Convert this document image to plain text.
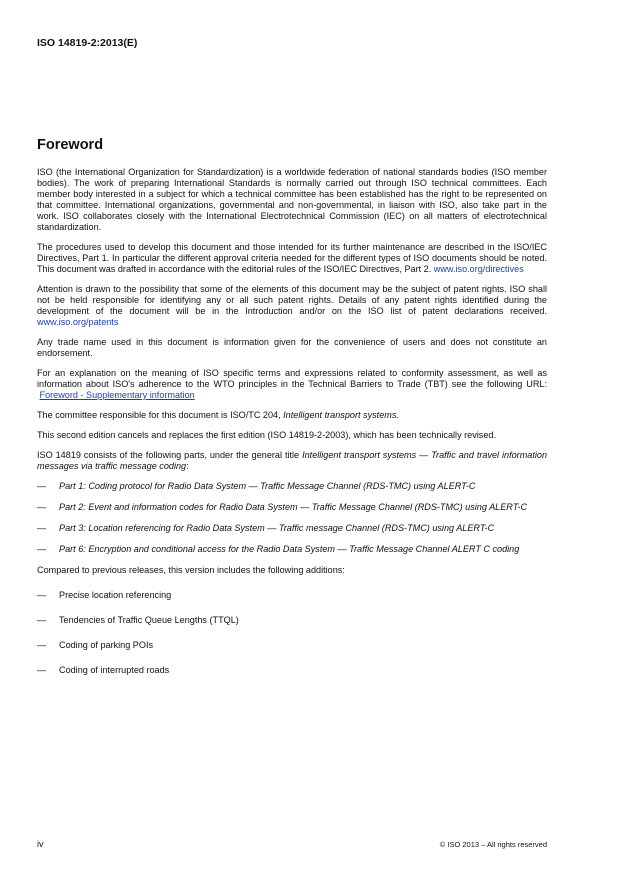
ISO 14819-2:2013(E)
Foreword

ISO (the International Organization for Standardization) is a worldwide federation of national standards bodies (ISO member bodies). The work of preparing International Standards is normally carried out through ISO technical committees. Each member body interested in a subject for which a technical committee has been established has the right to be represented on that committee. International organizations, governmental and non-governmental, in liaison with ISO, also take part in the work. ISO collaborates closely with the International Electrotechnical Commission (IEC) on all matters of electrotechnical standardization.

The procedures used to develop this document and those intended for its further maintenance are described in the ISO/IEC Directives, Part 1. In particular the different approval criteria needed for the different types of ISO documents should be noted. This document was drafted in accordance with the editorial rules of the ISO/IEC Directives, Part 2. www.iso.org/directives

Attention is drawn to the possibility that some of the elements of this document may be the subject of patent rights. ISO shall not be held responsible for identifying any or all such patent rights. Details of any patent rights identified during the development of the document will be in the Introduction and/or on the ISO list of patent declarations received. www.iso.org/patents

Any trade name used in this document is information given for the convenience of users and does not constitute an endorsement.

For an explanation on the meaning of ISO specific terms and expressions related to conformity assessment, as well as information about ISO's adherence to the WTO principles in the Technical Barriers to Trade (TBT) see the following URL:  Foreword - Supplementary information

The committee responsible for this document is ISO/TC 204, Intelligent transport systems.

This second edition cancels and replaces the first edition (ISO 14819-2-2003), which has been technically revised.

ISO 14819 consists of the following parts, under the general title Intelligent transport systems — Traffic and travel information messages via traffic message coding:

— Part 1: Coding protocol for Radio Data System — Traffic Message Channel (RDS-TMC) using ALERT-C
— Part 2: Event and information codes for Radio Data System — Traffic Message Channel (RDS-TMC) using ALERT-C
— Part 3: Location referencing for Radio Data System — Traffic message Channel (RDS-TMC) using ALERT-C
— Part 6: Encryption and conditional access for the Radio Data System — Traffic Message Channel ALERT C coding

Compared to previous releases, this version includes the following additions:

— Precise location referencing
— Tendencies of Traffic Queue Lengths (TTQL)
— Coding of parking POIs
— Coding of interrupted roads
iv	© ISO 2013 – All rights reserved
